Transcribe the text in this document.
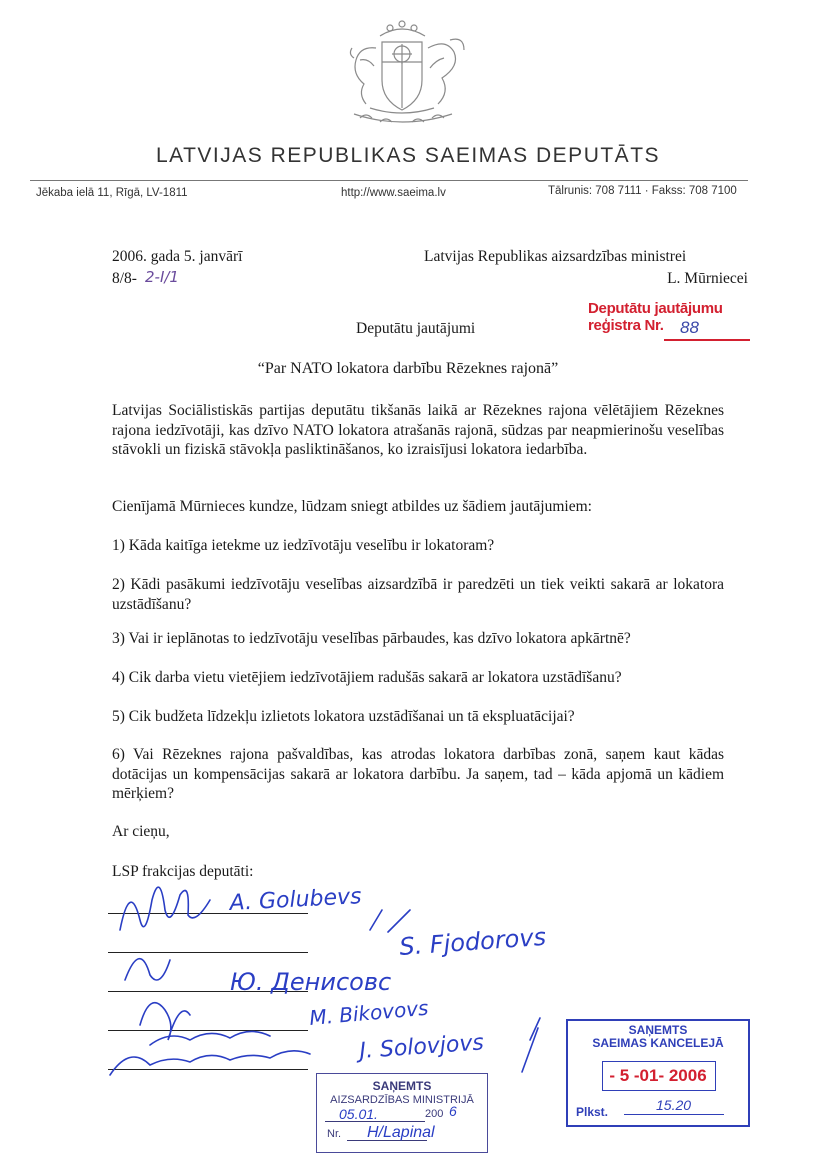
LATVIJAS REPUBLIKAS SAEIMAS DEPUTĀTS
Jēkaba ielā 11, Rīgā, LV-1811	http://www.saeima.lv	Tālrunis: 708 7111 · Fakss: 708 7100
2006. gada 5. janvārī
8/8- 2-I/1
Latvijas Republikas aizsardzības ministrei
L. Mūrniecei
Deputātu jautājumu
reģistra Nr. 88
Deputātu jautājumi
“Par NATO lokatora darbību Rēzeknes rajonā”
Latvijas Sociālistiskās partijas deputātu tikšanās laikā ar Rēzeknes rajona vēlētājiem Rēzeknes rajona iedzīvotāji, kas dzīvo NATO lokatora atrašanās rajonā, sūdzas par neapmierinošu veselības stāvokli un fizisk​ā stāvokļa pasliktināšanos, ko izraisījusi lokatora iedarbība.
Cienījamā Mūrnieces kundze, lūdzam sniegt atbildes uz šādiem jautājumiem:
1) Kāda kaitīga ietekme uz iedzīvotāju veselību ir lokatoram?
2) Kādi pasākumi iedzīvotāju veselības aizsardzībā ir paredzēti un tiek veikti sakarā ar lokatora uzstādīšanu?
3) Vai ir ieplānotas to iedzīvotāju veselības pārbaudes, kas dzīvo lokatora apkārtnē?
4) Cik darba vietu vietējiem iedzīvotājiem radušās sakarā ar lokatora uzstādīšanu?
5) Cik budžeta līdzekļu izlietots lokatora uzstādīšanai un tā ekspluatācijai?
6) Vai Rēzeknes rajona pašvaldības, kas atrodas lokatora darbības zonā, saņem kaut kādas dotācijas un kompensācijas sakarā ar lokatora darbību. Ja saņem, tad – kāda apjomā un kādiem mērķiem?
Ar cieņu,
LSP frakcijas deputāti:
A. Golubevs
S. Fjodorovs
Ю. Денисовс
M. Bikovovs
J. Solovjovs
SAŅEMTS
SAEIMAS KANCELEJĀ
- 5 -01- 2006
Plkst.	15.20
SAŅEMTS
AIZSARDZĪBAS MINISTRIJĀ
05.01.	200 6
Nr. H/Lapinal
